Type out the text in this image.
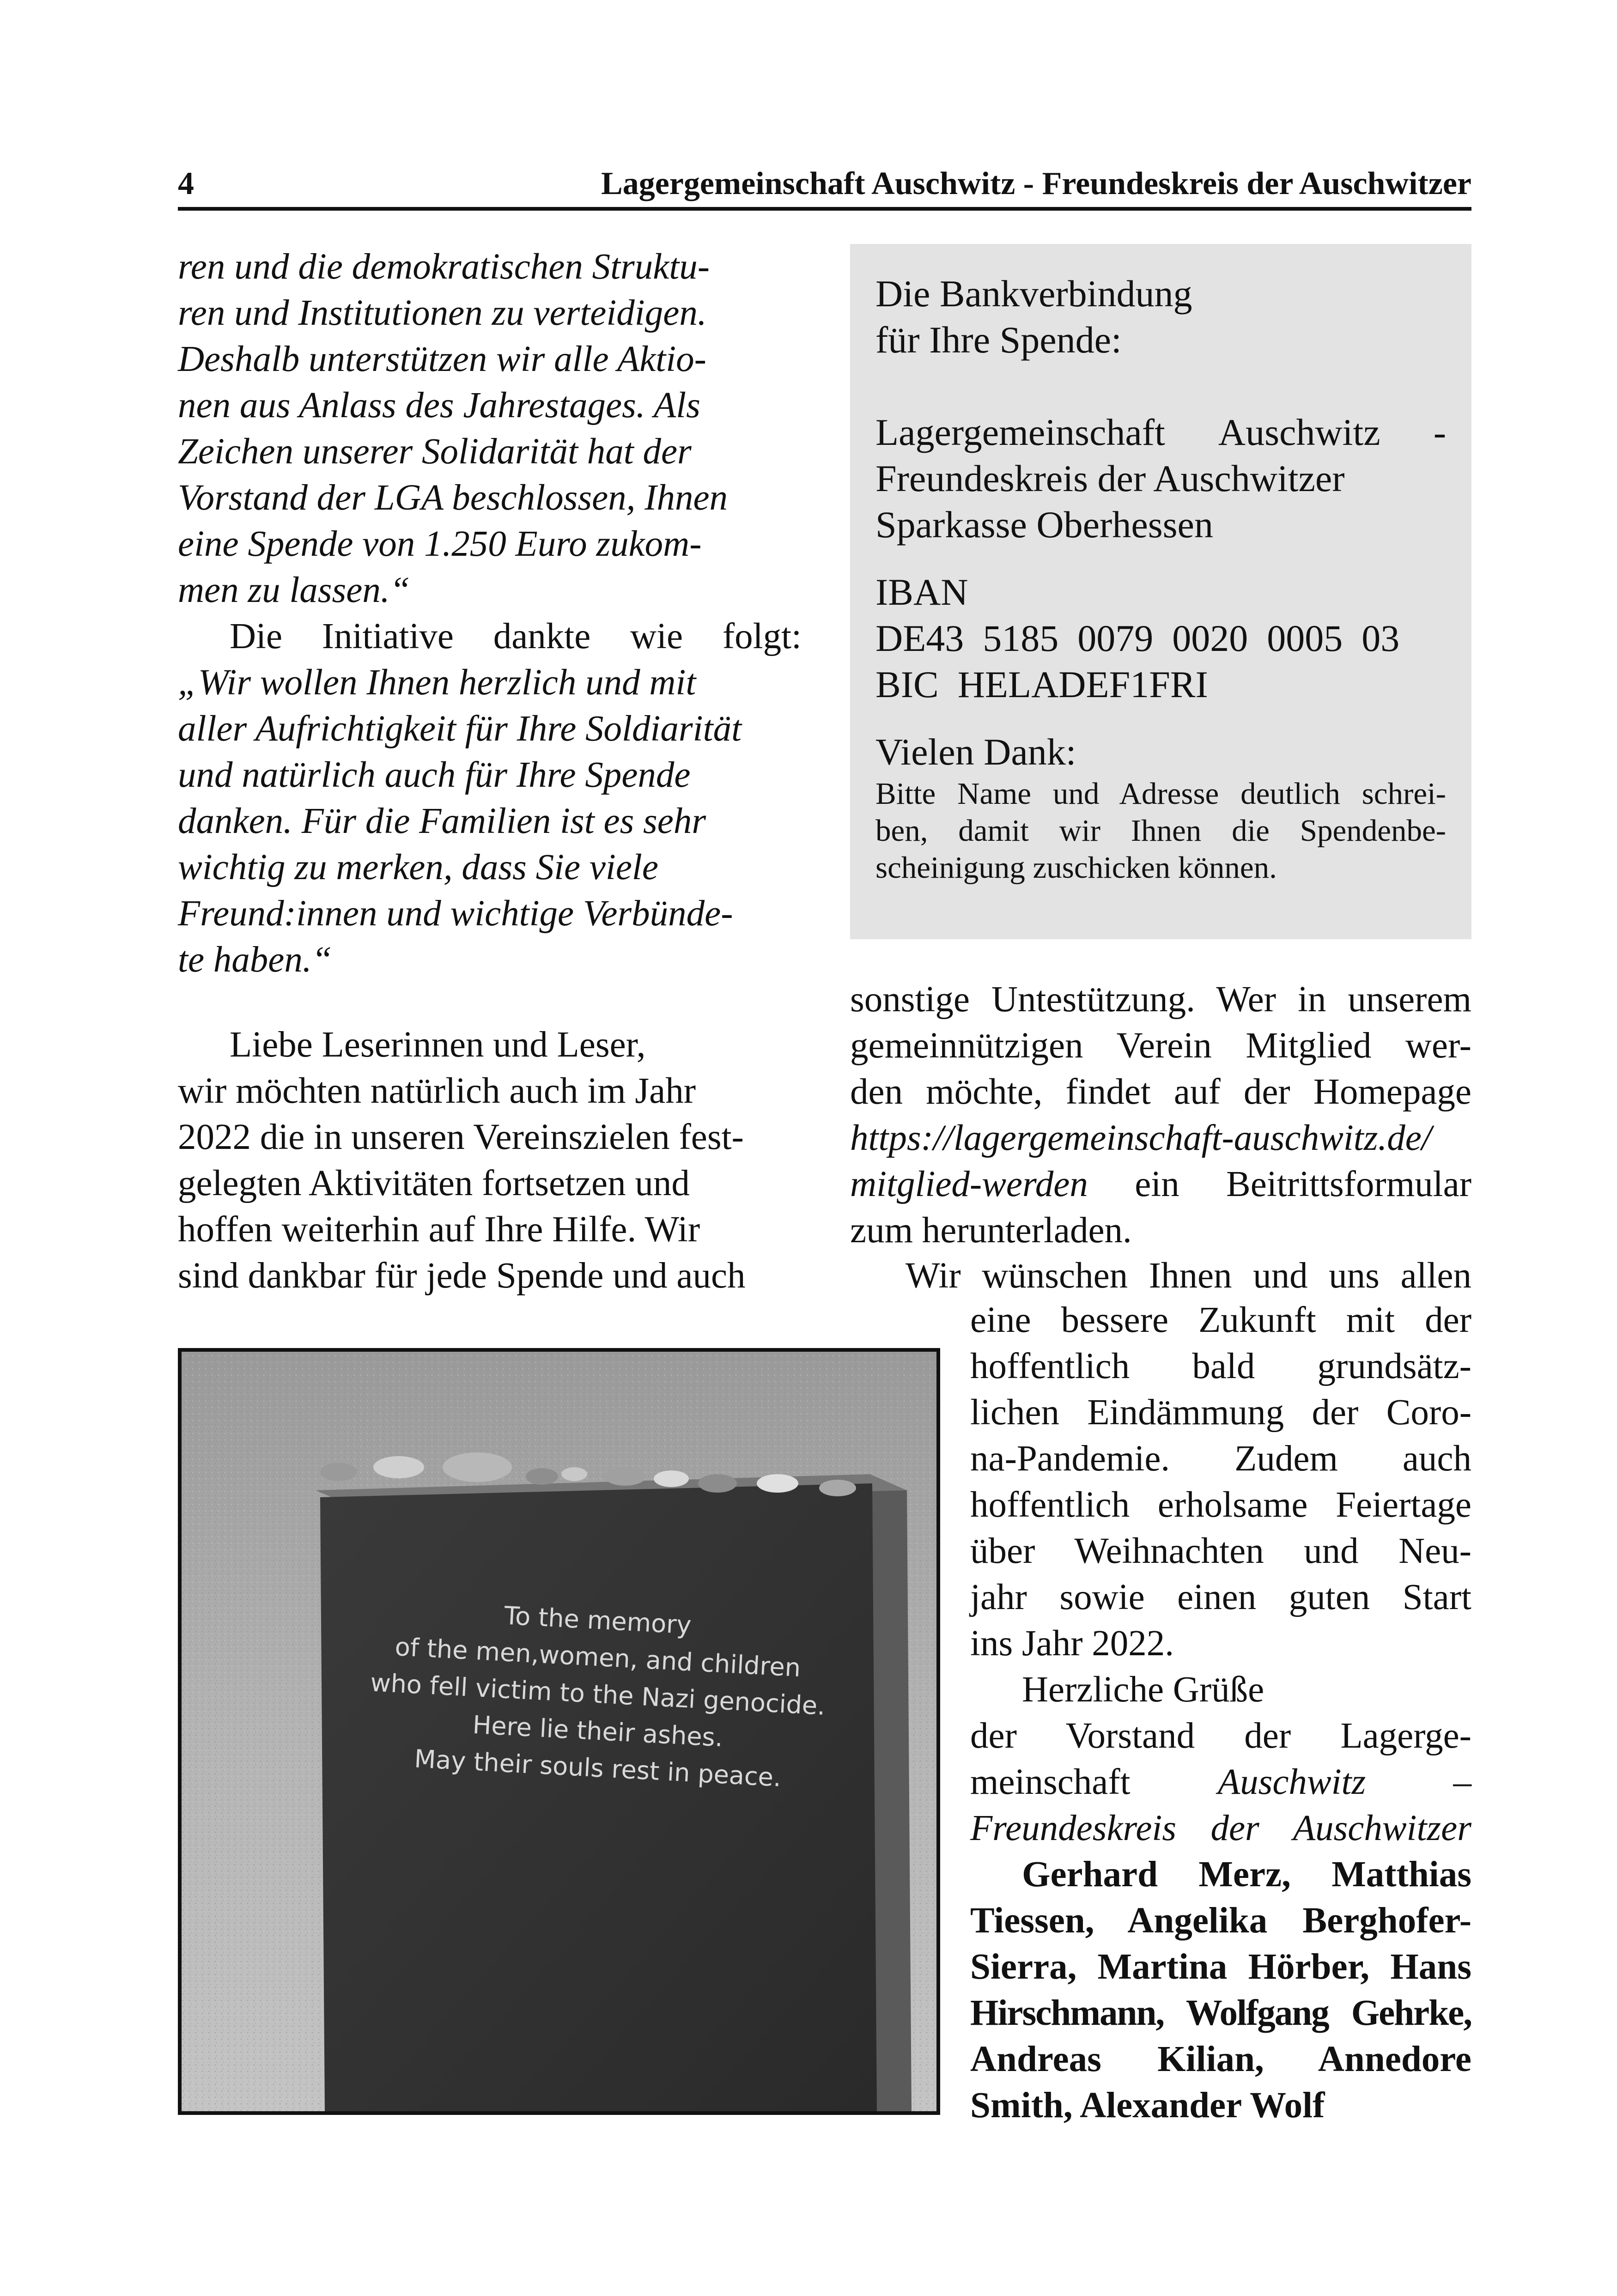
4	Lagergemeinschaft Auschwitz - Freundeskreis der Auschwitzer
ren und die demokratischen Struktu-
ren und Institutionen zu verteidigen.
Deshalb unterstützen wir alle Aktio-
nen aus Anlass des Jahrestages. Als
Zeichen unserer Solidarität hat der
Vorstand der LGA beschlossen, Ihnen
eine Spende von 1.250 Euro zukom-
men zu lassen.“
Die Initiative dankte wie folgt:
„Wir wollen Ihnen herzlich und mit
aller Aufrichtigkeit für Ihre Soldiarität
und natürlich auch für Ihre Spende
danken. Für die Familien ist es sehr
wichtig zu merken, dass Sie viele
Freund:innen und wichtige Verbünde-
te haben.“
Liebe Leserinnen und Leser,
wir möchten natürlich auch im Jahr
2022 die in unseren Vereinszielen fest-
gelegten Aktivitäten fortsetzen und
hoffen weiterhin auf Ihre Hilfe. Wir
sind dankbar für jede Spende und auch
Die Bankverbindung
für Ihre Spende:
Lagergemeinschaft Auschwitz -
Freundeskreis der Auschwitzer
Sparkasse Oberhessen
IBAN
DE43  5185  0079  0020  0005  03
BIC  HELADEF1FRI
Vielen Dank:
Bitte Name und Adresse deutlich schrei-
ben, damit wir Ihnen die Spendenbe-
scheinigung zuschicken können.
sonstige Untestützung. Wer in unserem
gemeinnützigen Verein Mitglied wer-
den möchte, findet auf der Homepage
https://lagergemeinschaft-auschwitz.de/
mitglied-werden ein Beitrittsformular
zum herunterladen.
Wir wünschen Ihnen und uns allen
eine bessere Zukunft mit der
hoffentlich bald grundsätz-
lichen Eindämmung der Coro-
na-Pandemie. Zudem auch
hoffentlich erholsame Feiertage
über Weihnachten und Neu-
jahr sowie einen guten Start
ins Jahr 2022.
Herzliche Grüße
der Vorstand der Lagerge-
meinschaft Auschwitz –
Freundeskreis der Auschwitzer
Gerhard Merz, Matthias
Tiessen, Angelika Berghofer-
Sierra, Martina Hörber, Hans
Hirschmann, Wolfgang Gehrke,
Andreas Kilian, Annedore
Smith, Alexander Wolf
To the memory
of the men,women, and children
who fell victim to the Nazi genocide.
Here lie their ashes.
May their souls rest in peace.
